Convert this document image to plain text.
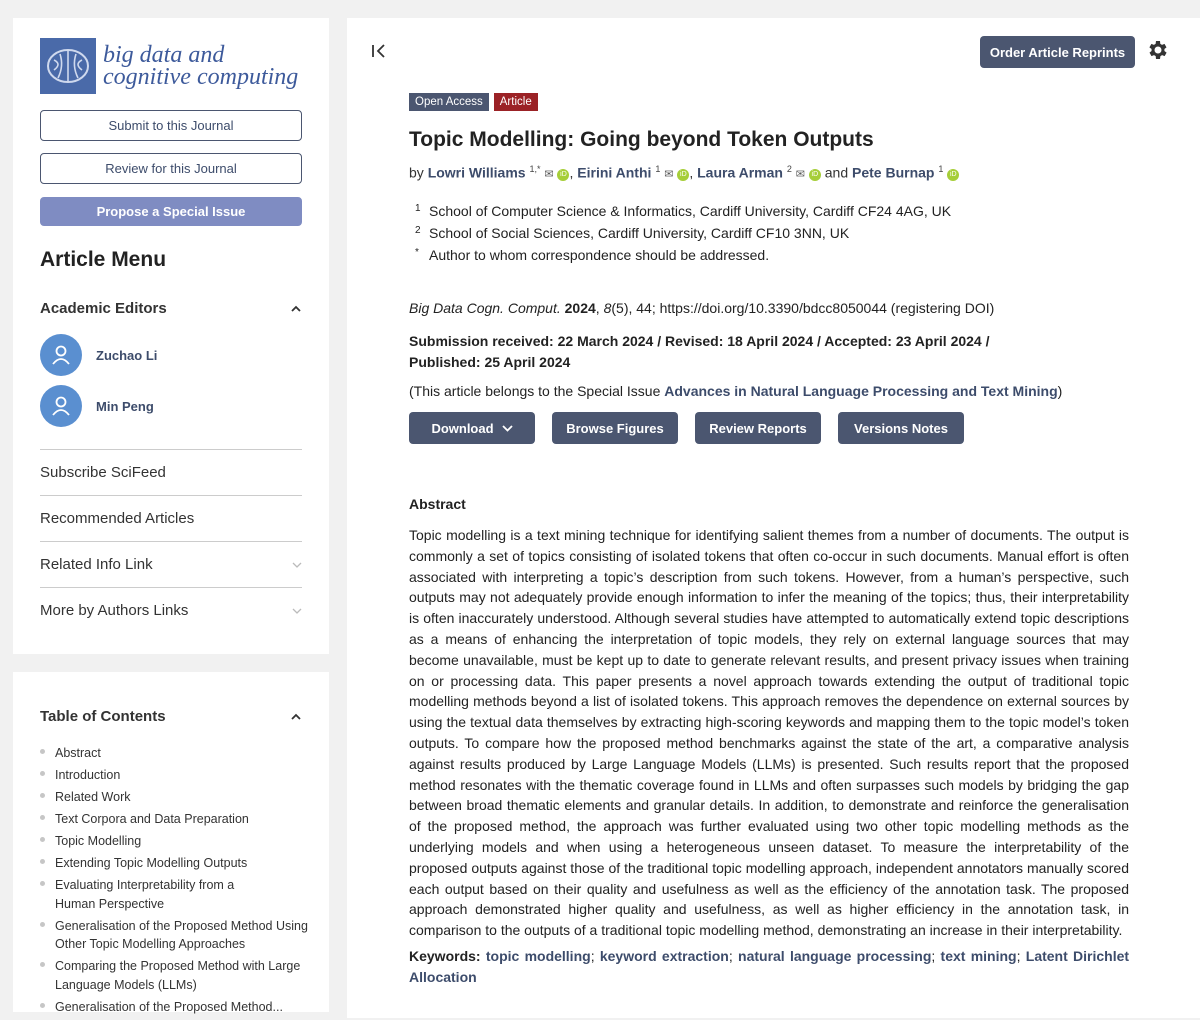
big data and
cognitive computing
Submit to this Journal
Review for this Journal
Propose a Special Issue
Article Menu
Academic Editors
Zuchao Li
Min Peng
Subscribe SciFeed
Recommended Articles
Related Info Link
More by Authors Links
Table of Contents
Abstract
Introduction
Related Work
Text Corpora and Data Preparation
Topic Modelling
Extending Topic Modelling Outputs
Evaluating Interpretability from a Human Perspective
Generalisation of the Proposed Method Using Other Topic Modelling Approaches
Comparing the Proposed Method with Large Language Models (LLMs)
Generalisation of the Proposed Method...
Order Article Reprints
Open Access	Article
Topic Modelling: Going beyond Token Outputs
by Lowri Williams $^{1,*}$ ✉ iD , Eirini Anthi $^1$ ✉ iD , Laura Arman $^2$ ✉ iD and Pete Burnap $^1$ iD
1 School of Computer Science & Informatics, Cardiff University, Cardiff CF24 4AG, UK
2 School of Social Sciences, Cardiff University, Cardiff CF10 3NN, UK
* Author to whom correspondence should be addressed.
Big Data Cogn. Comput. 2024, 8(5), 44; https://doi.org/10.3390/bdcc8050044 (registering DOI)
Submission received: 22 March 2024 / Revised: 18 April 2024 / Accepted: 23 April 2024 / Published: 25 April 2024
(This article belongs to the Special Issue Advances in Natural Language Processing and Text Mining)
Download	Browse Figures	Review Reports	Versions Notes
Abstract

Topic modelling is a text mining technique for identifying salient themes from a number of documents. The output is commonly a set of topics consisting of isolated tokens that often co-occur in such documents. Manual effort is often associated with interpreting a topic’s description from such tokens. However, from a human’s perspective, such outputs may not adequately provide enough information to infer the meaning of the topics; thus, their interpretability is often inaccurately understood. Although several studies have attempted to automatically extend topic descriptions as a means of enhancing the interpretation of topic models, they rely on external language sources that may become unavailable, must be kept up to date to generate relevant results, and present privacy issues when training on or processing data. This paper presents a novel approach towards extending the output of traditional topic modelling methods beyond a list of isolated tokens. This approach removes the dependence on external sources by using the textual data themselves by extracting high-scoring keywords and mapping them to the topic model’s token outputs. To compare how the proposed method benchmarks against the state of the art, a comparative analysis against results produced by Large Language Models (LLMs) is presented. Such results report that the proposed method resonates with the thematic coverage found in LLMs and often surpasses such models by bridging the gap between broad thematic elements and granular details. In addition, to demonstrate and reinforce the generalisation of the proposed method, the approach was further evaluated using two other topic modelling methods as the underlying models and when using a heterogeneous unseen dataset. To measure the interpretability of the proposed outputs against those of the traditional topic modelling approach, independent annotators manually scored each output based on their quality and usefulness as well as the efficiency of the annotation task. The proposed approach demonstrated higher quality and usefulness, as well as higher efficiency in the annotation task, in comparison to the outputs of a traditional topic modelling method, demonstrating an increase in their interpretability.

Keywords: topic modelling; keyword extraction; natural language processing; text mining; Latent Dirichlet Allocation
